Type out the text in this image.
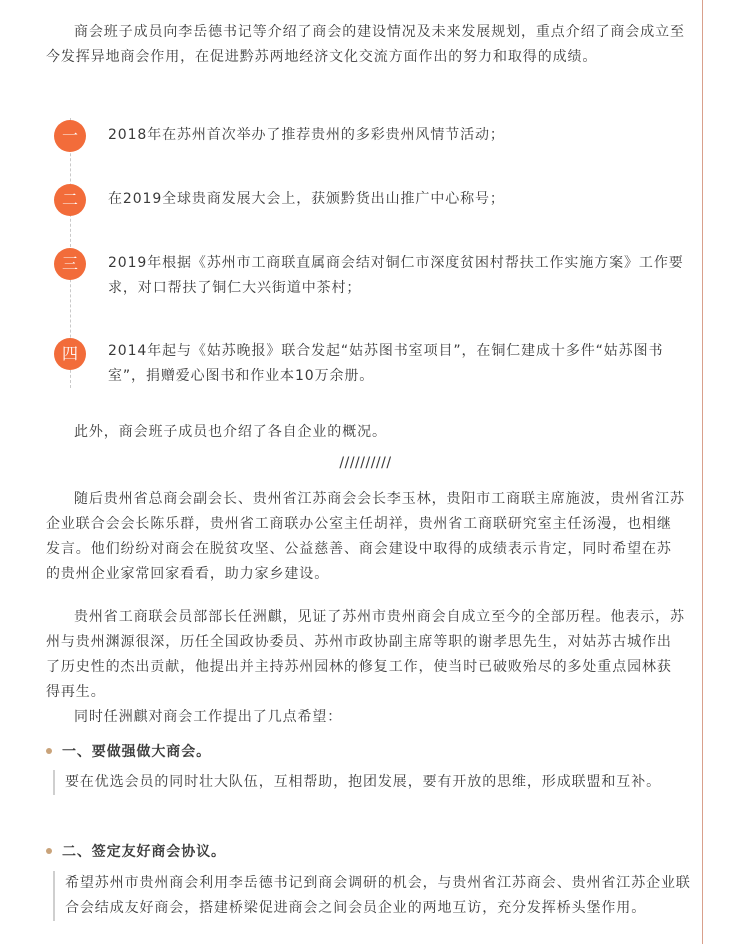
商会班子成员向李岳德书记等介绍了商会的建设情况及未来发展规划，重点介绍了商会成立至今发挥异地商会作用，在促进黔苏两地经济文化交流方面作出的努力和取得的成绩。

一	2018年在苏州首次举办了推荐贵州的多彩贵州风情节活动；

二	在2019全球贵商发展大会上，获颁黔货出山推广中心称号；

三	2019年根据《苏州市工商联直属商会结对铜仁市深度贫困村帮扶工作实施方案》工作要求，对口帮扶了铜仁大兴街道中茶村；

四	2014年起与《姑苏晚报》联合发起“姑苏图书室项目”，在铜仁建成十多件“姑苏图书室”，捐赠爱心图书和作业本10万余册。

此外，商会班子成员也介绍了各自企业的概况。

//////////

随后贵州省总商会副会长、贵州省江苏商会会长李玉林，贵阳市工商联主席施波，贵州省江苏企业联合会会长陈乐群，贵州省工商联办公室主任胡祥，贵州省工商联研究室主任汤漫，也相继发言。他们纷纷对商会在脱贫攻坚、公益慈善、商会建设中取得的成绩表示肯定，同时希望在苏的贵州企业家常回家看看，助力家乡建设。

贵州省工商联会员部部长任洲麒，见证了苏州市贵州商会自成立至今的全部历程。他表示，苏州与贵州渊源很深，历任全国政协委员、苏州市政协副主席等职的谢孝思先生，对姑苏古城作出了历史性的杰出贡献，他提出并主持苏州园林的修复工作，使当时已破败殆尽的多处重点园林获得再生。

同时任洲麒对商会工作提出了几点希望：

一、要做强做大商会。

要在优选会员的同时壮大队伍，互相帮助，抱团发展，要有开放的思维，形成联盟和互补。

二、签定友好商会协议。

希望苏州市贵州商会利用李岳德书记到商会调研的机会，与贵州省江苏商会、贵州省江苏企业联合会结成友好商会，搭建桥梁促进商会之间会员企业的两地互访，充分发挥桥头堡作用。
